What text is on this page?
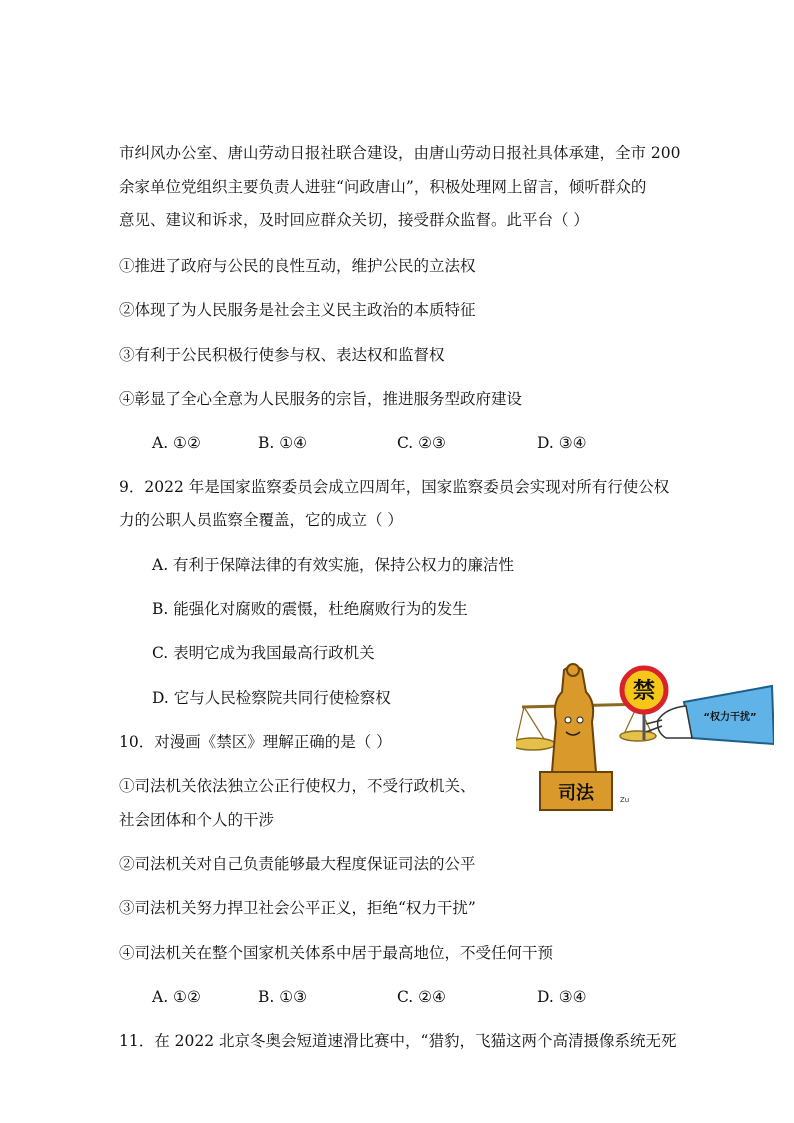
市纠风办公室、唐山劳动日报社联合建设，由唐山劳动日报社具体承建，全市 200

余家单位党组织主要负责人进驻“问政唐山”，积极处理网上留言，倾听群众的

意见、建议和诉求，及时回应群众关切，接受群众监督。此平台（ ）

①推进了政府与公民的良性互动，维护公民的立法权

②体现了为人民服务是社会主义民主政治的本质特征

③有利于公民积极行使参与权、表达权和监督权

④彰显了全心全意为人民服务的宗旨，推进服务型政府建设

A. ①②	B. ①④	C. ②③	D. ③④

9．2022 年是国家监察委员会成立四周年，国家监察委员会实现对所有行使公权

力的公职人员监察全覆盖，它的成立（ ）

A. 有利于保障法律的有效实施，保持公权力的廉洁性

B. 能强化对腐败的震慑，杜绝腐败行为的发生

C. 表明它成为我国最高行政机关

D. 它与人民检察院共同行使检察权

10．对漫画《禁区》理解正确的是（ ）

①司法机关依法独立公正行使权力，不受行政机关、

社会团体和个人的干涉

②司法机关对自己负责能够最大程度保证司法的公平

③司法机关努力捍卫社会公平正义，拒绝“权力干扰”

④司法机关在整个国家机关体系中居于最高地位，不受任何干预

A. ①②	B. ①③	C. ②④	D. ③④
司法	Zu
禁
“权力干扰”

11．在 2022 北京冬奥会短道速滑比赛中，“猎豹，飞猫这两个高清摄像系统无死
